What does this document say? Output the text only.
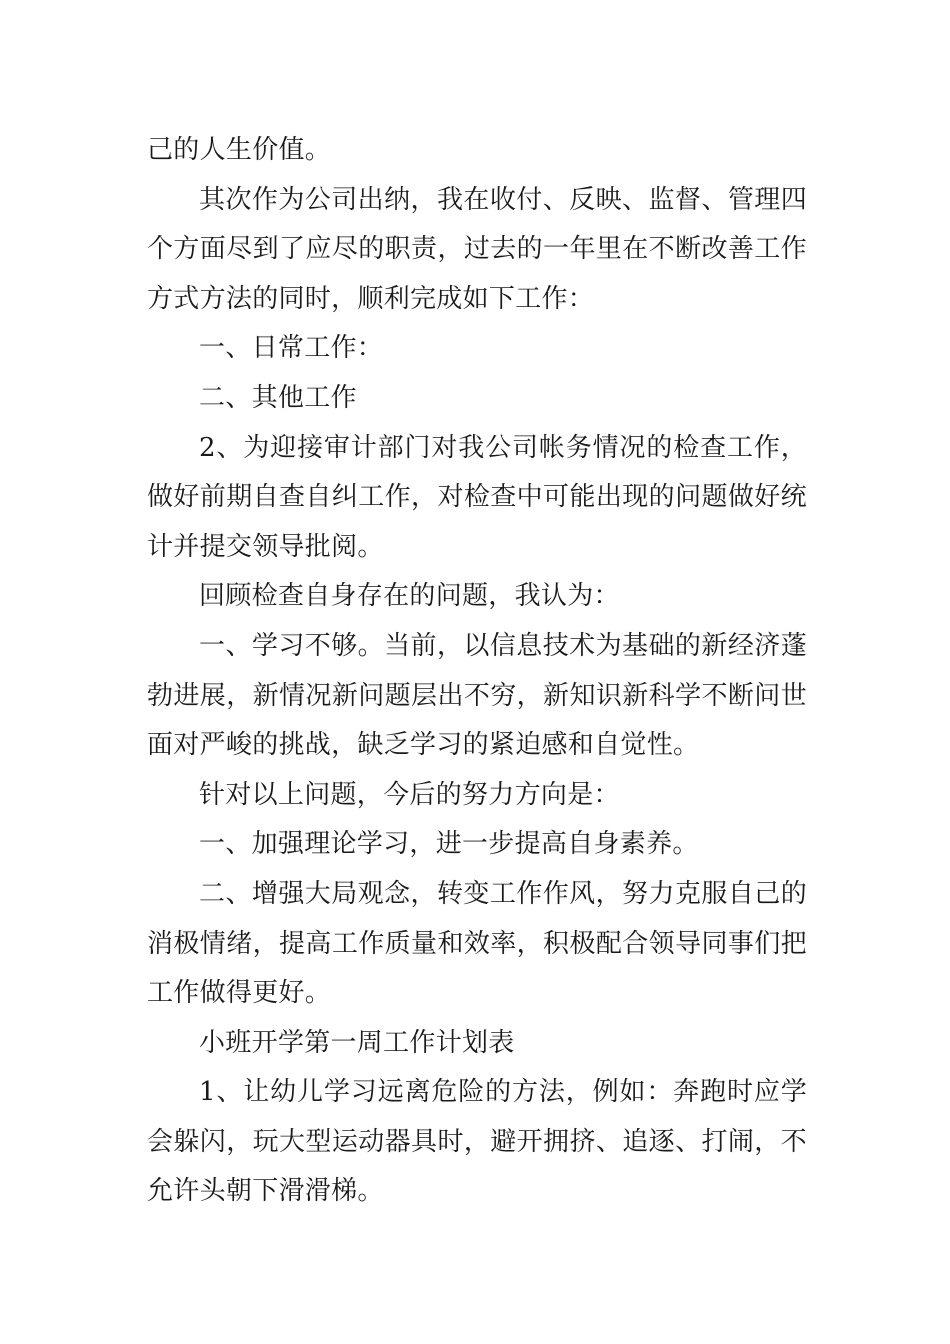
己的人生价值。

其次作为公司出纳，我在收付、反映、监督、管理四个方面尽到了应尽的职责，过去的一年里在不断改善工作方式方法的同时，顺利完成如下工作：

一、日常工作：

二、其他工作

2、为迎接审计部门对我公司帐务情况的检查工作，做好前期自查自纠工作，对检查中可能出现的问题做好统计并提交领导批阅。

回顾检查自身存在的问题，我认为：

一、学习不够。当前，以信息技术为基础的新经济蓬勃进展，新情况新问题层出不穷，新知识新科学不断问世面对严峻的挑战，缺乏学习的紧迫感和自觉性。

针对以上问题，今后的努力方向是：

一、加强理论学习，进一步提高自身素养。

二、增强大局观念，转变工作作风，努力克服自己的消极情绪，提高工作质量和效率，积极配合领导同事们把工作做得更好。

小班开学第一周工作计划表

1、让幼儿学习远离危险的方法，例如：奔跑时应学会躲闪，玩大型运动器具时，避开拥挤、追逐、打闹，不允许头朝下滑滑梯。
